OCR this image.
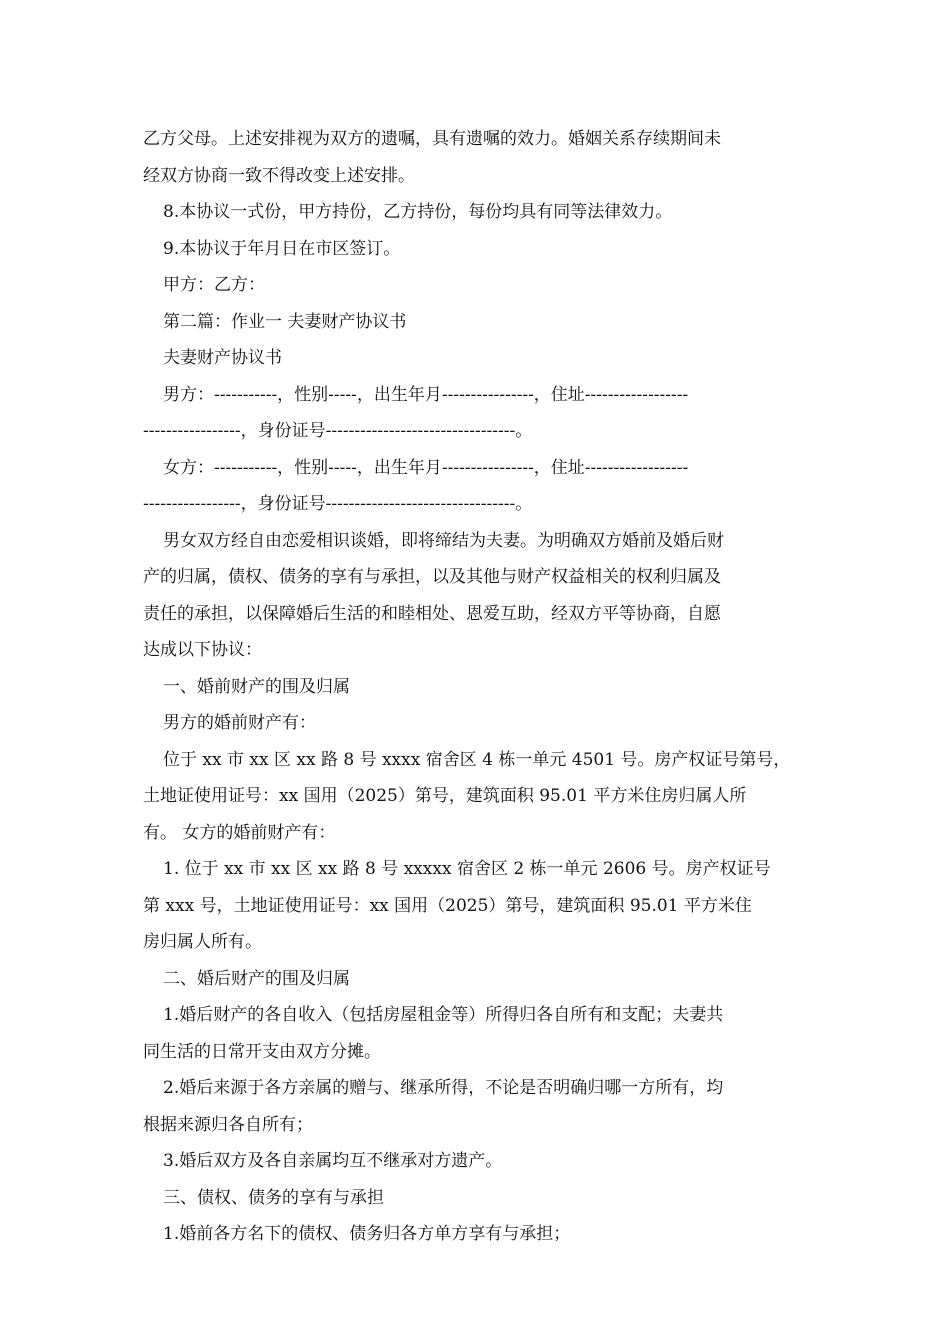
乙方父母。上述安排视为双方的遗嘱，具有遗嘱的效力。婚姻关系存续期间未

经双方协商一致不得改变上述安排。

8.本协议一式份，甲方持份，乙方持份，每份均具有同等法律效力。

9.本协议于年月日在市区签订。

甲方：乙方：

第二篇：作业一 夫妻财产协议书

夫妻财产协议书

男方：-----------，性别-----，出生年月----------------，住址------------------

-----------------，身份证号---------------------------------。

女方：-----------，性别-----，出生年月----------------，住址------------------

-----------------，身份证号---------------------------------。

男女双方经自由恋爱相识谈婚，即将缔结为夫妻。为明确双方婚前及婚后财

产的归属，债权、债务的享有与承担，以及其他与财产权益相关的权利归属及

责任的承担，以保障婚后生活的和睦相处、恩爱互助，经双方平等协商，自愿

达成以下协议：

一、婚前财产的围及归属

男方的婚前财产有：

位于 xx 市 xx 区 xx 路 8 号 xxxx 宿舍区 4 栋一单元 4501 号。房产权证号第号，

土地证使用证号：xx 国用（2025）第号，建筑面积 95.01 平方米住房归属人所

有。 女方的婚前财产有：

1. 位于 xx 市 xx 区 xx 路 8 号 xxxxx 宿舍区 2 栋一单元 2606 号。房产权证号

第 xxx 号，土地证使用证号：xx 国用（2025）第号，建筑面积 95.01 平方米住

房归属人所有。

二、婚后财产的围及归属

1.婚后财产的各自收入（包括房屋租金等）所得归各自所有和支配；夫妻共

同生活的日常开支由双方分摊。

2.婚后来源于各方亲属的赠与、继承所得，不论是否明确归哪一方所有，均

根据来源归各自所有；

3.婚后双方及各自亲属均互不继承对方遗产。

三、债权、债务的享有与承担

1.婚前各方名下的债权、债务归各方单方享有与承担；
